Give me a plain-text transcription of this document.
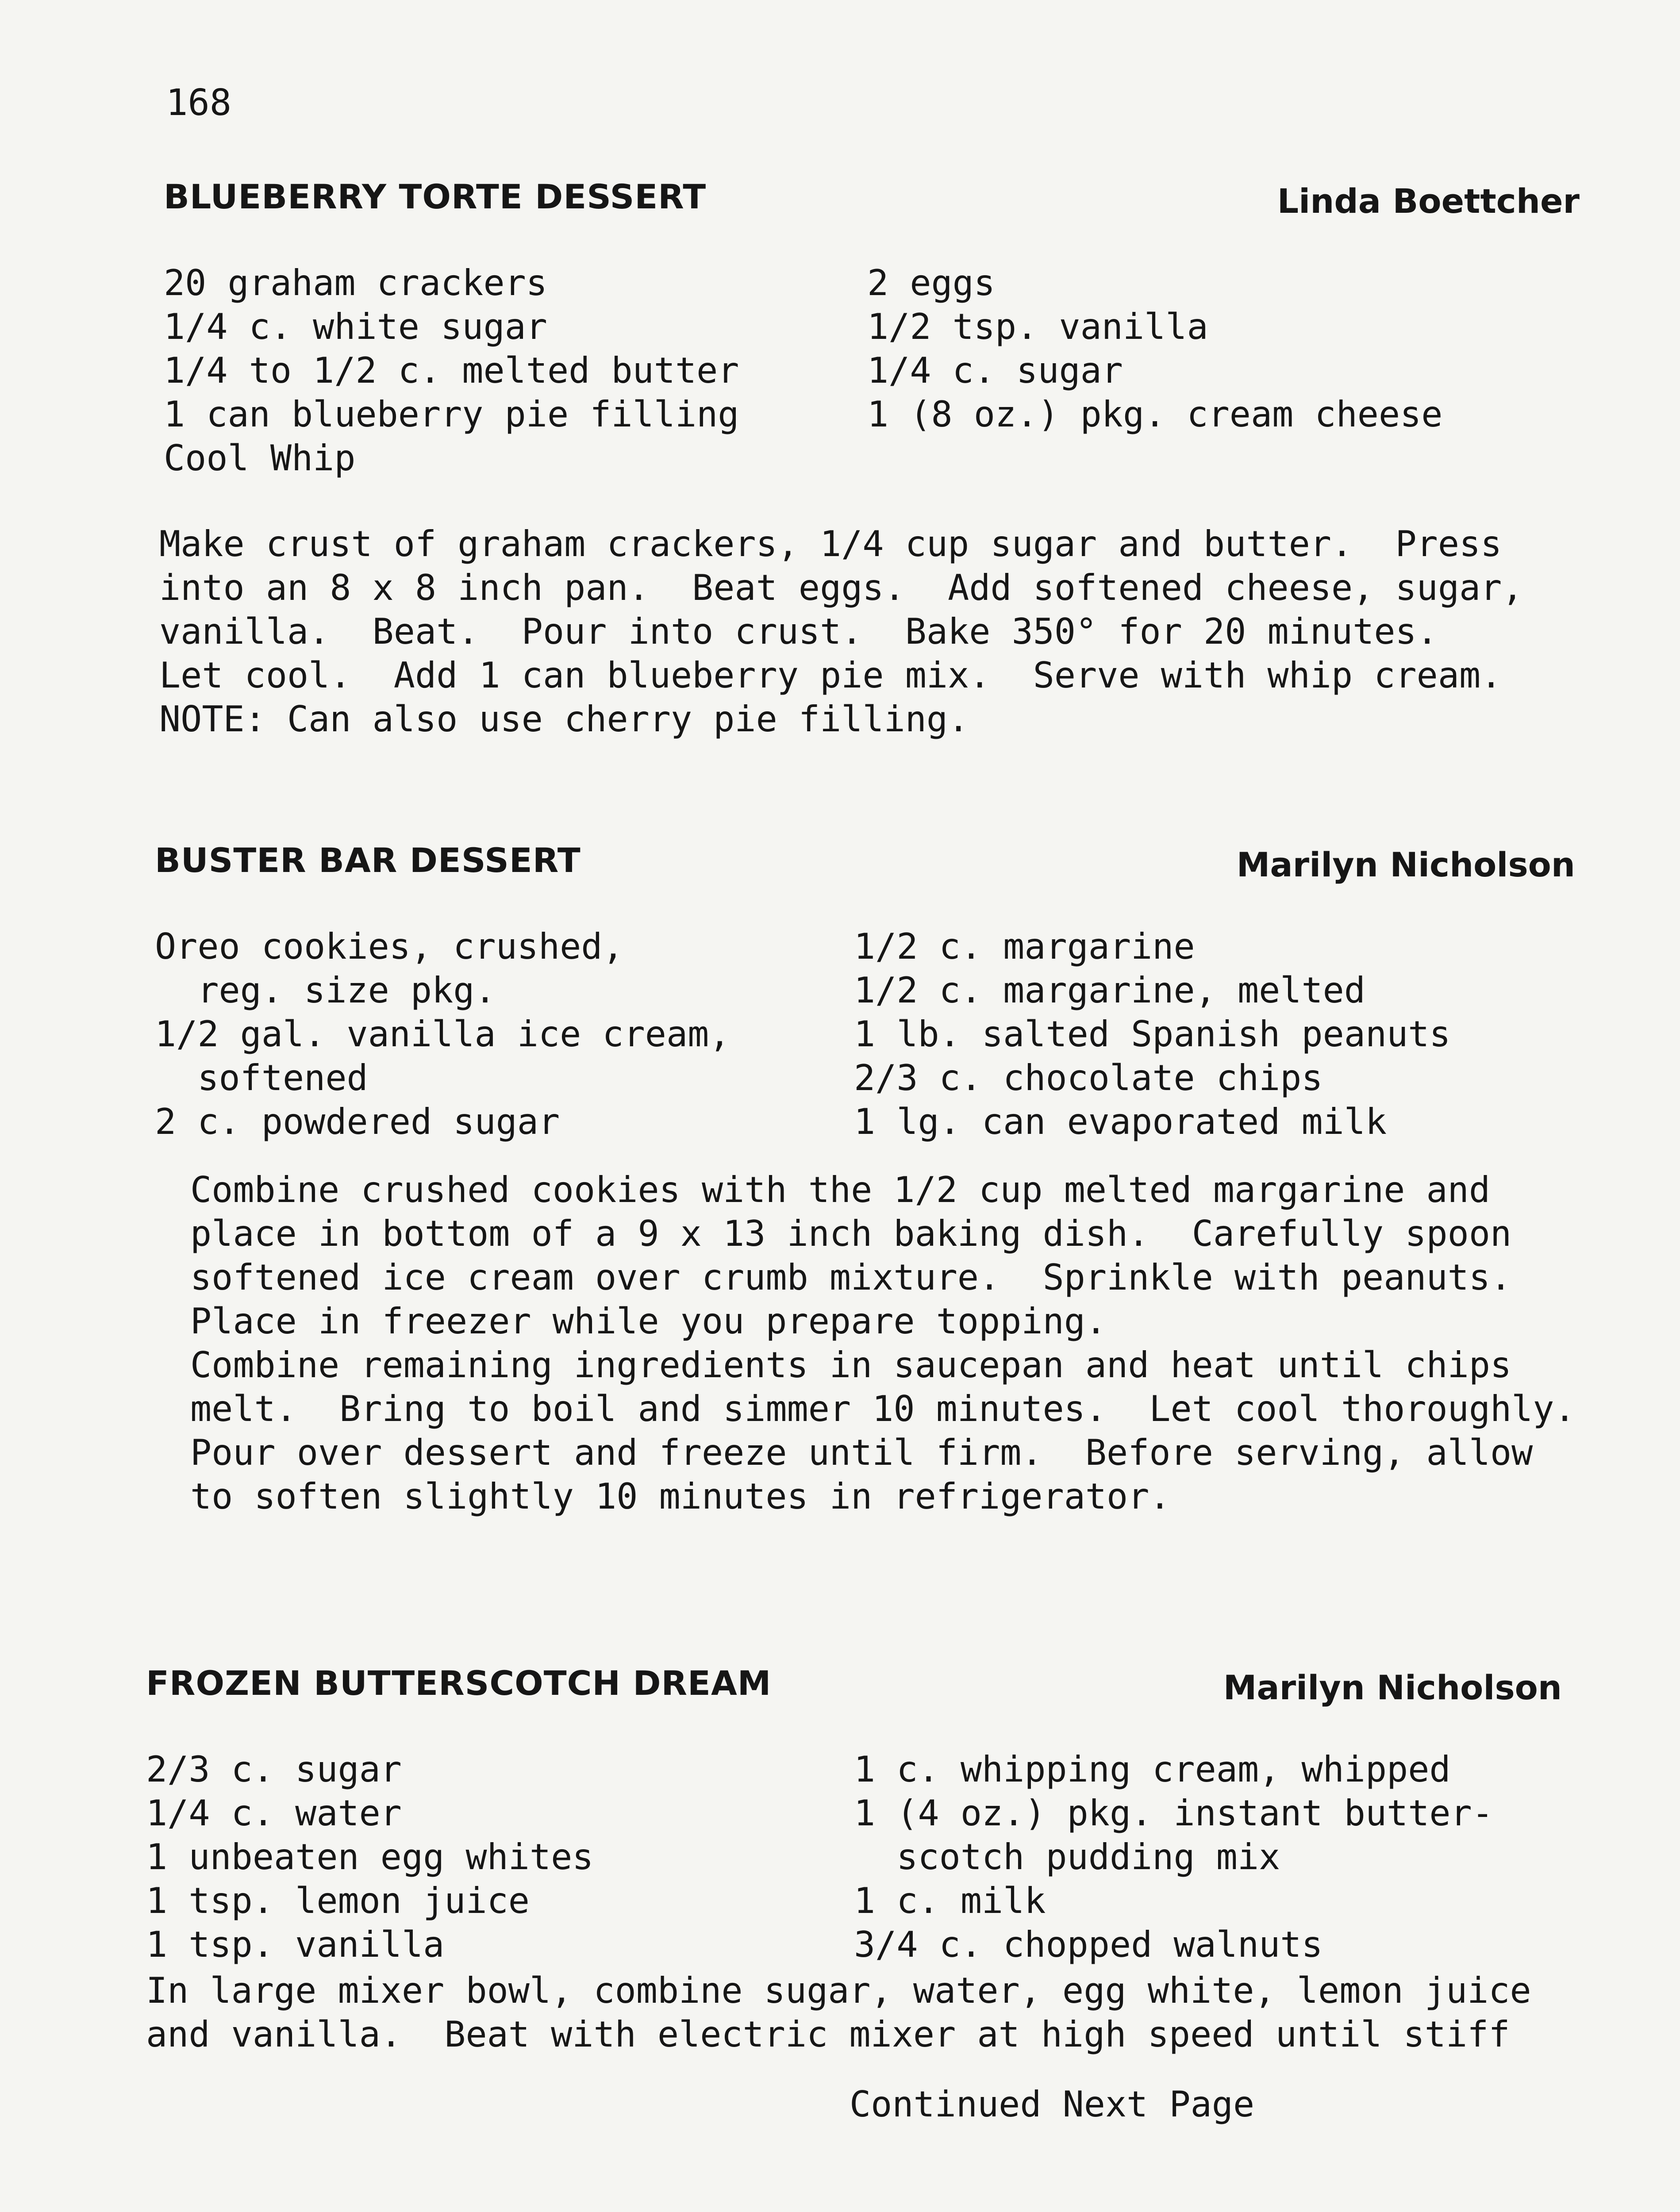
168
BLUEBERRY TORTE DESSERT	Linda Boettcher
20 graham crackers
1/4 c. white sugar
1/4 to 1/2 c. melted butter
1 can blueberry pie filling
Cool Whip
2 eggs
1/2 tsp. vanilla
1/4 c. sugar
1 (8 oz.) pkg. cream cheese
Make crust of graham crackers, 1/4 cup sugar and butter.  Press
into an 8 x 8 inch pan.  Beat eggs.  Add softened cheese, sugar,
vanilla.  Beat.  Pour into crust.  Bake 350° for 20 minutes.
Let cool.  Add 1 can blueberry pie mix.  Serve with whip cream.
NOTE: Can also use cherry pie filling.
BUSTER BAR DESSERT	Marilyn Nicholson
Oreo cookies, crushed,
reg. size pkg.
1/2 gal. vanilla ice cream,
softened
2 c. powdered sugar
1/2 c. margarine
1/2 c. margarine, melted
1 lb. salted Spanish peanuts
2/3 c. chocolate chips
1 lg. can evaporated milk
Combine crushed cookies with the 1/2 cup melted margarine and
place in bottom of a 9 x 13 inch baking dish.  Carefully spoon
softened ice cream over crumb mixture.  Sprinkle with peanuts.
Place in freezer while you prepare topping.
Combine remaining ingredients in saucepan and heat until chips
melt.  Bring to boil and simmer 10 minutes.  Let cool thoroughly.
Pour over dessert and freeze until firm.  Before serving, allow
to soften slightly 10 minutes in refrigerator.
FROZEN BUTTERSCOTCH DREAM	Marilyn Nicholson
2/3 c. sugar
1/4 c. water
1 unbeaten egg whites
1 tsp. lemon juice
1 tsp. vanilla
1 c. whipping cream, whipped
1 (4 oz.) pkg. instant butter-
scotch pudding mix
1 c. milk
3/4 c. chopped walnuts
In large mixer bowl, combine sugar, water, egg white, lemon juice
and vanilla.  Beat with electric mixer at high speed until stiff
Continued Next Page
